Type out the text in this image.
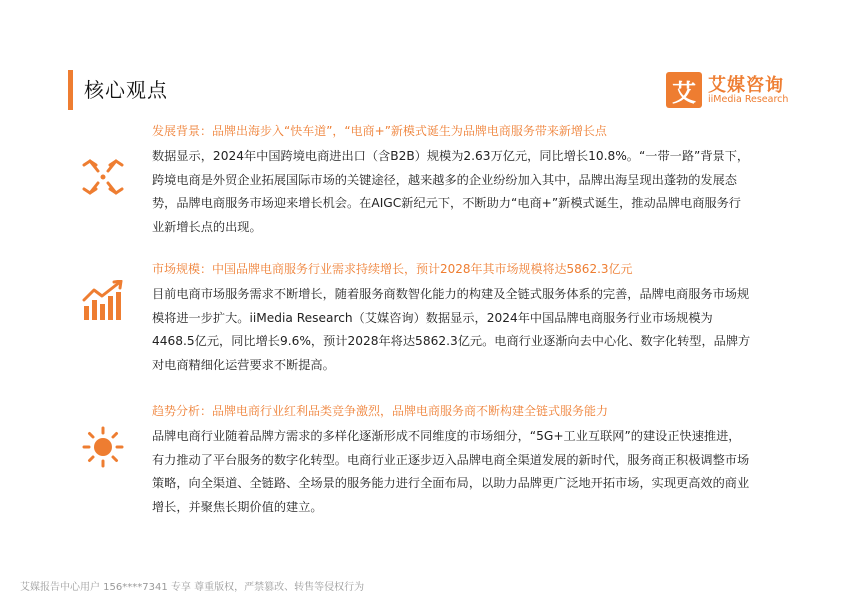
核心观点	艾 艾媒咨询
iiMedia Research
发展背景：品牌出海步入“快车道”，“电商+”新模式诞生为品牌电商服务带来新增长点
数据显示，2024年中国跨境电商进出口（含B2B）规模为2.63万亿元，同比增长10.8%。“一带一路”背景下，跨境电商是外贸企业拓展国际市场的关键途径，越来越多的企业纷纷加入其中，品牌出海呈现出蓬勃的发展态势，品牌电商服务市场迎来增长机会。在AIGC新纪元下，不断助力“电商+”新模式诞生，推动品牌电商服务行业新增长点的出现。
市场规模：中国品牌电商服务行业需求持续增长，预计2028年其市场规模将达5862.3亿元
目前电商市场服务需求不断增长，随着服务商数智化能力的构建及全链式服务体系的完善，品牌电商服务市场规模将进一步扩大。iiMedia Research（艾媒咨询）数据显示，2024年中国品牌电商服务行业市场规模为4468.5亿元，同比增长9.6%，预计2028年将达5862.3亿元。电商行业逐渐向去中心化、数字化转型，品牌方对电商精细化运营要求不断提高。
趋势分析：品牌电商行业红利品类竞争激烈，品牌电商服务商不断构建全链式服务能力
品牌电商行业随着品牌方需求的多样化逐渐形成不同维度的市场细分，“5G+工业互联网”的建设正快速推进，有力推动了平台服务的数字化转型。电商行业正逐步迈入品牌电商全渠道发展的新时代，服务商正积极调整市场策略，向全渠道、全链路、全场景的服务能力进行全面布局，以助力品牌更广泛地开拓市场，实现更高效的商业增长，并聚焦长期价值的建立。
艾媒报告中心用户 156****7341 专享 尊重版权，严禁篡改、转售等侵权行为
